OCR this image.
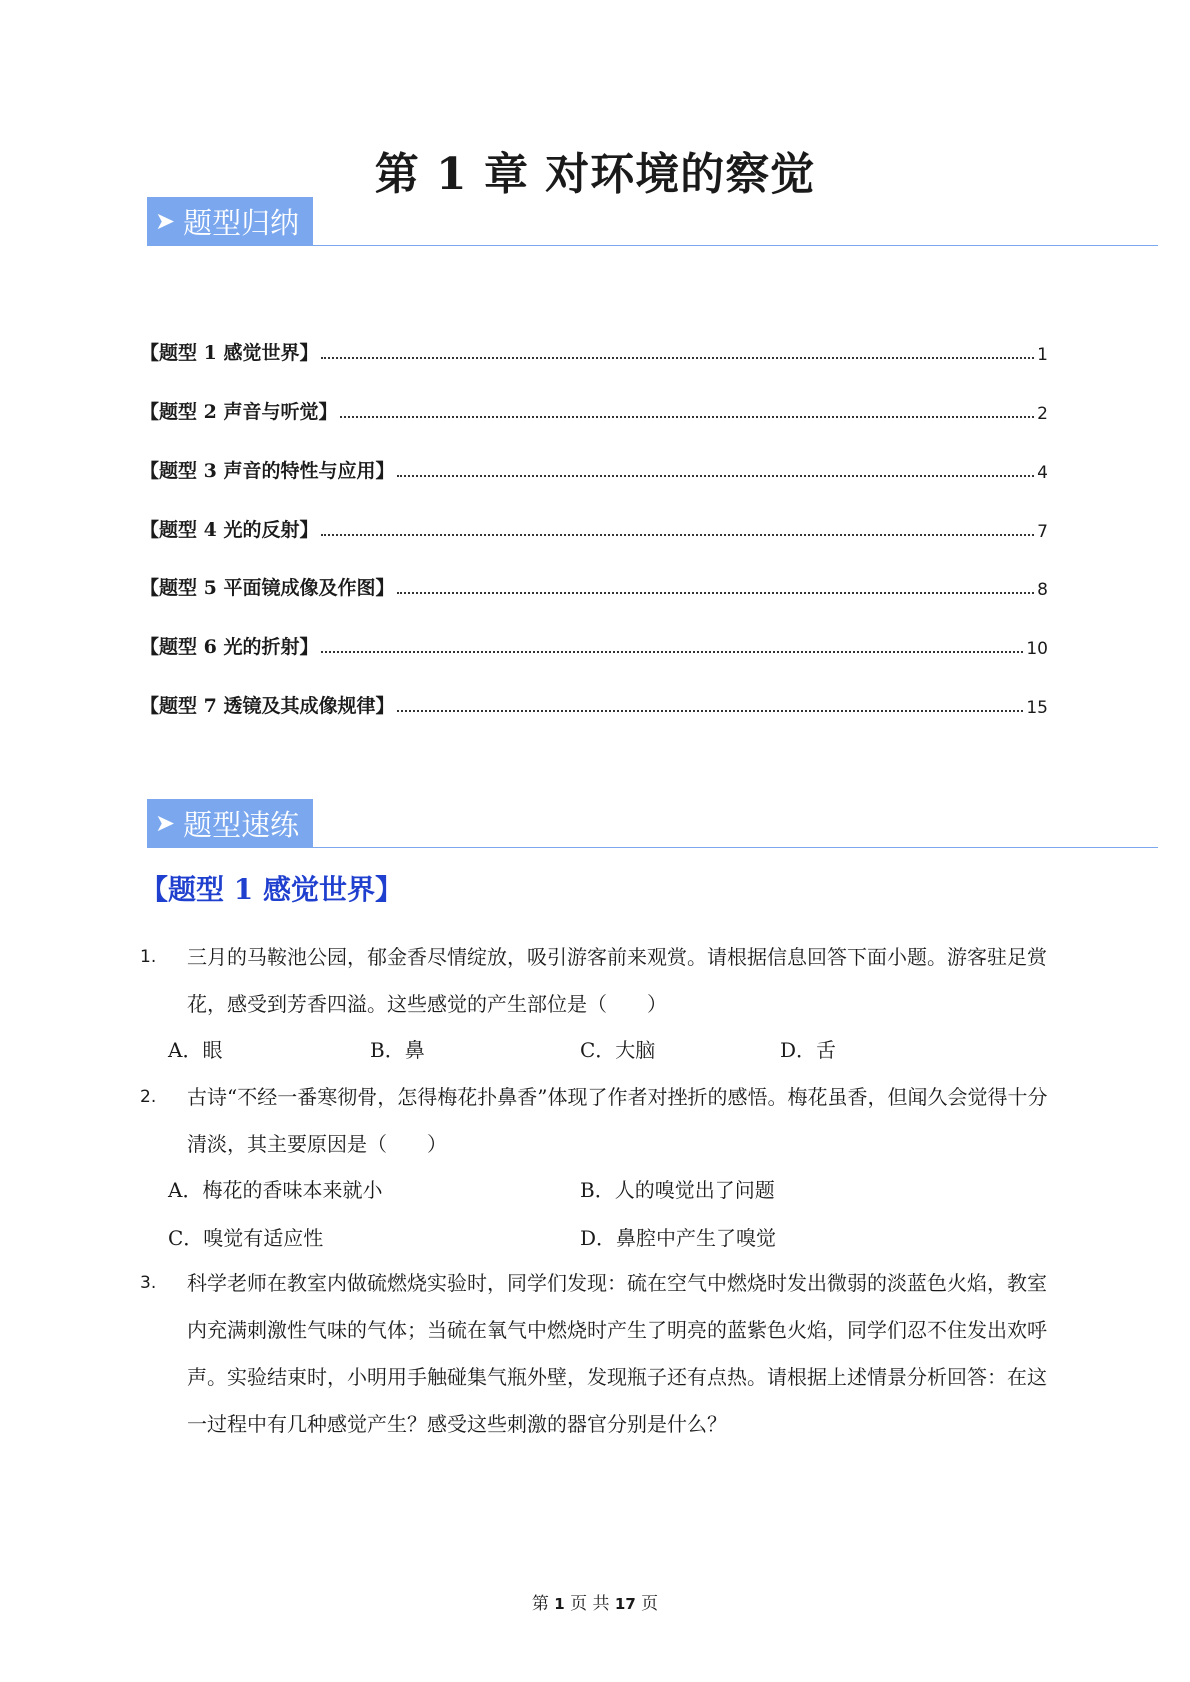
第 1 章 对环境的察觉
➤ 题型归纳
【题型 1 感觉世界】	1
【题型 2 声音与听觉】	2
【题型 3 声音的特性与应用】	4
【题型 4 光的反射】	7
【题型 5 平面镜成像及作图】	8
【题型 6 光的折射】	10
【题型 7 透镜及其成像规律】	15
➤ 题型速练
【题型 1 感觉世界】
1. 三月的马鞍池公园，郁金香尽情绽放，吸引游客前来观赏。请根据信息回答下面小题。游客驻足赏花，感受到芳香四溢。这些感觉的产生部位是（　　）
A．眼	B．鼻	C．大脑	D．舌
2. 古诗“不经一番寒彻骨，怎得梅花扑鼻香”体现了作者对挫折的感悟。梅花虽香，但闻久会觉得十分清淡，其主要原因是（　　）
A．梅花的香味本来就小	B．人的嗅觉出了问题
C．嗅觉有适应性	D．鼻腔中产生了嗅觉
3. 科学老师在教室内做硫燃烧实验时，同学们发现：硫在空气中燃烧时发出微弱的淡蓝色火焰，教室内充满刺激性气味的气体；当硫在氧气中燃烧时产生了明亮的蓝紫色火焰，同学们忍不住发出欢呼声。实验结束时，小明用手触碰集气瓶外壁，发现瓶子还有点热。请根据上述情景分析回答：在这一过程中有几种感觉产生？感受这些刺激的器官分别是什么？
第 1 页 共 17 页
